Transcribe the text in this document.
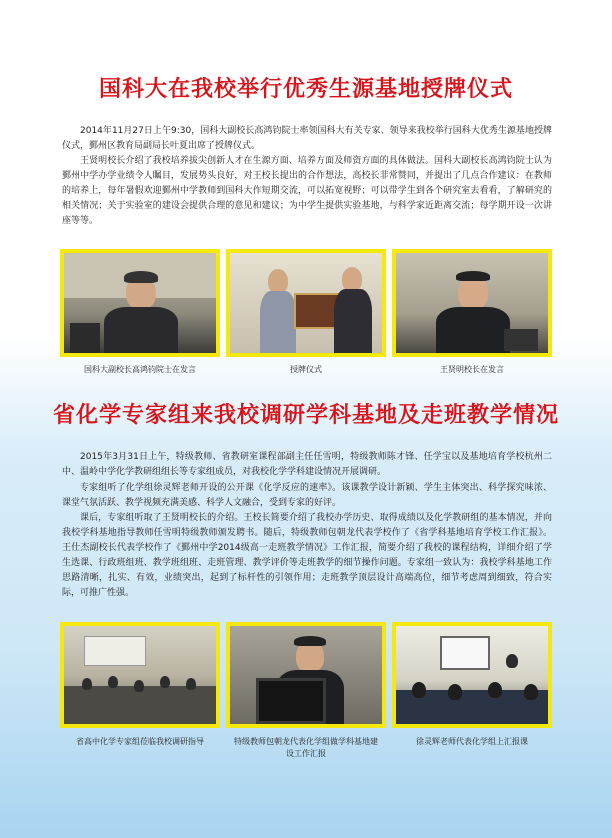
国科大在我校举行优秀生源基地授牌仪式

2014年11月27日上午9:30，国科大副校长高鸿钧院士率领国科大有关专家、领导来我校举行国科大优秀生源基地授牌仪式，鄞州区教育局副局长叶夏出席了授牌仪式。

王贤明校长介绍了我校培养拔尖创新人才在生源方面、培养方面及师资方面的具体做法。国科大副校长高鸿钧院士认为鄞州中学办学业绩令人瞩目，发展势头良好，对王校长提出的合作想法，高校长非常赞同，并提出了几点合作建议：在教师的培养上，每年暑假欢迎鄞州中学教师到国科大作短期交流，可以拓宽视野；可以带学生到各个研究室去看看，了解研究的相关情况；关于实验室的建设会提供合理的意见和建议；为中学生提供实验基地，与科学家近距离交流；每学期开设一次讲座等等。

国科大副校长高鸿钧院士在发言	授牌仪式	王贤明校长在发言
省化学专家组来我校调研学科基地及走班教学情况

2015年3月31日上午，特级教师、省教研室课程部副主任任雪明，特级教师陈才锋、任学宝以及基地培育学校杭州二中、温岭中学化学教研组组长等专家组成员，对我校化学学科建设情况开展调研。

专家组听了化学组徐灵辉老师开设的公开课《化学反应的速率》。该课教学设计新颖、学生主体突出、科学探究味浓、课堂气氛活跃、教学视频充满美感、科学人文融合，受到专家的好评。

课后，专家组听取了王贤明校长的介绍。王校长简要介绍了我校办学历史、取得成绩以及化学教研组的基本情况，并向我校学科基地指导教师任雪明特级教师颁发聘书。随后，特级教师包朝龙代表学校作了《省学科基地培育学校工作汇报》。王仕杰副校长代表学校作了《鄞州中学2014级高一走班教学情况》工作汇报，简要介绍了我校的课程结构，详细介绍了学生选课、行政班组班、教学班组班、走班管理、教学评价等走班教学的细节操作问题。专家组一致认为：我校学科基地工作思路清晰，扎实、有效，业绩突出，起到了标杆性的引领作用；走班教学顶层设计高端高位，细节考虑周到细致，符合实际，可推广性强。

省高中化学专家组莅临我校调研指导	特级教师包朝龙代表化学组做学科基地建设工作汇报
徐灵辉老师代表化学组上汇报课
